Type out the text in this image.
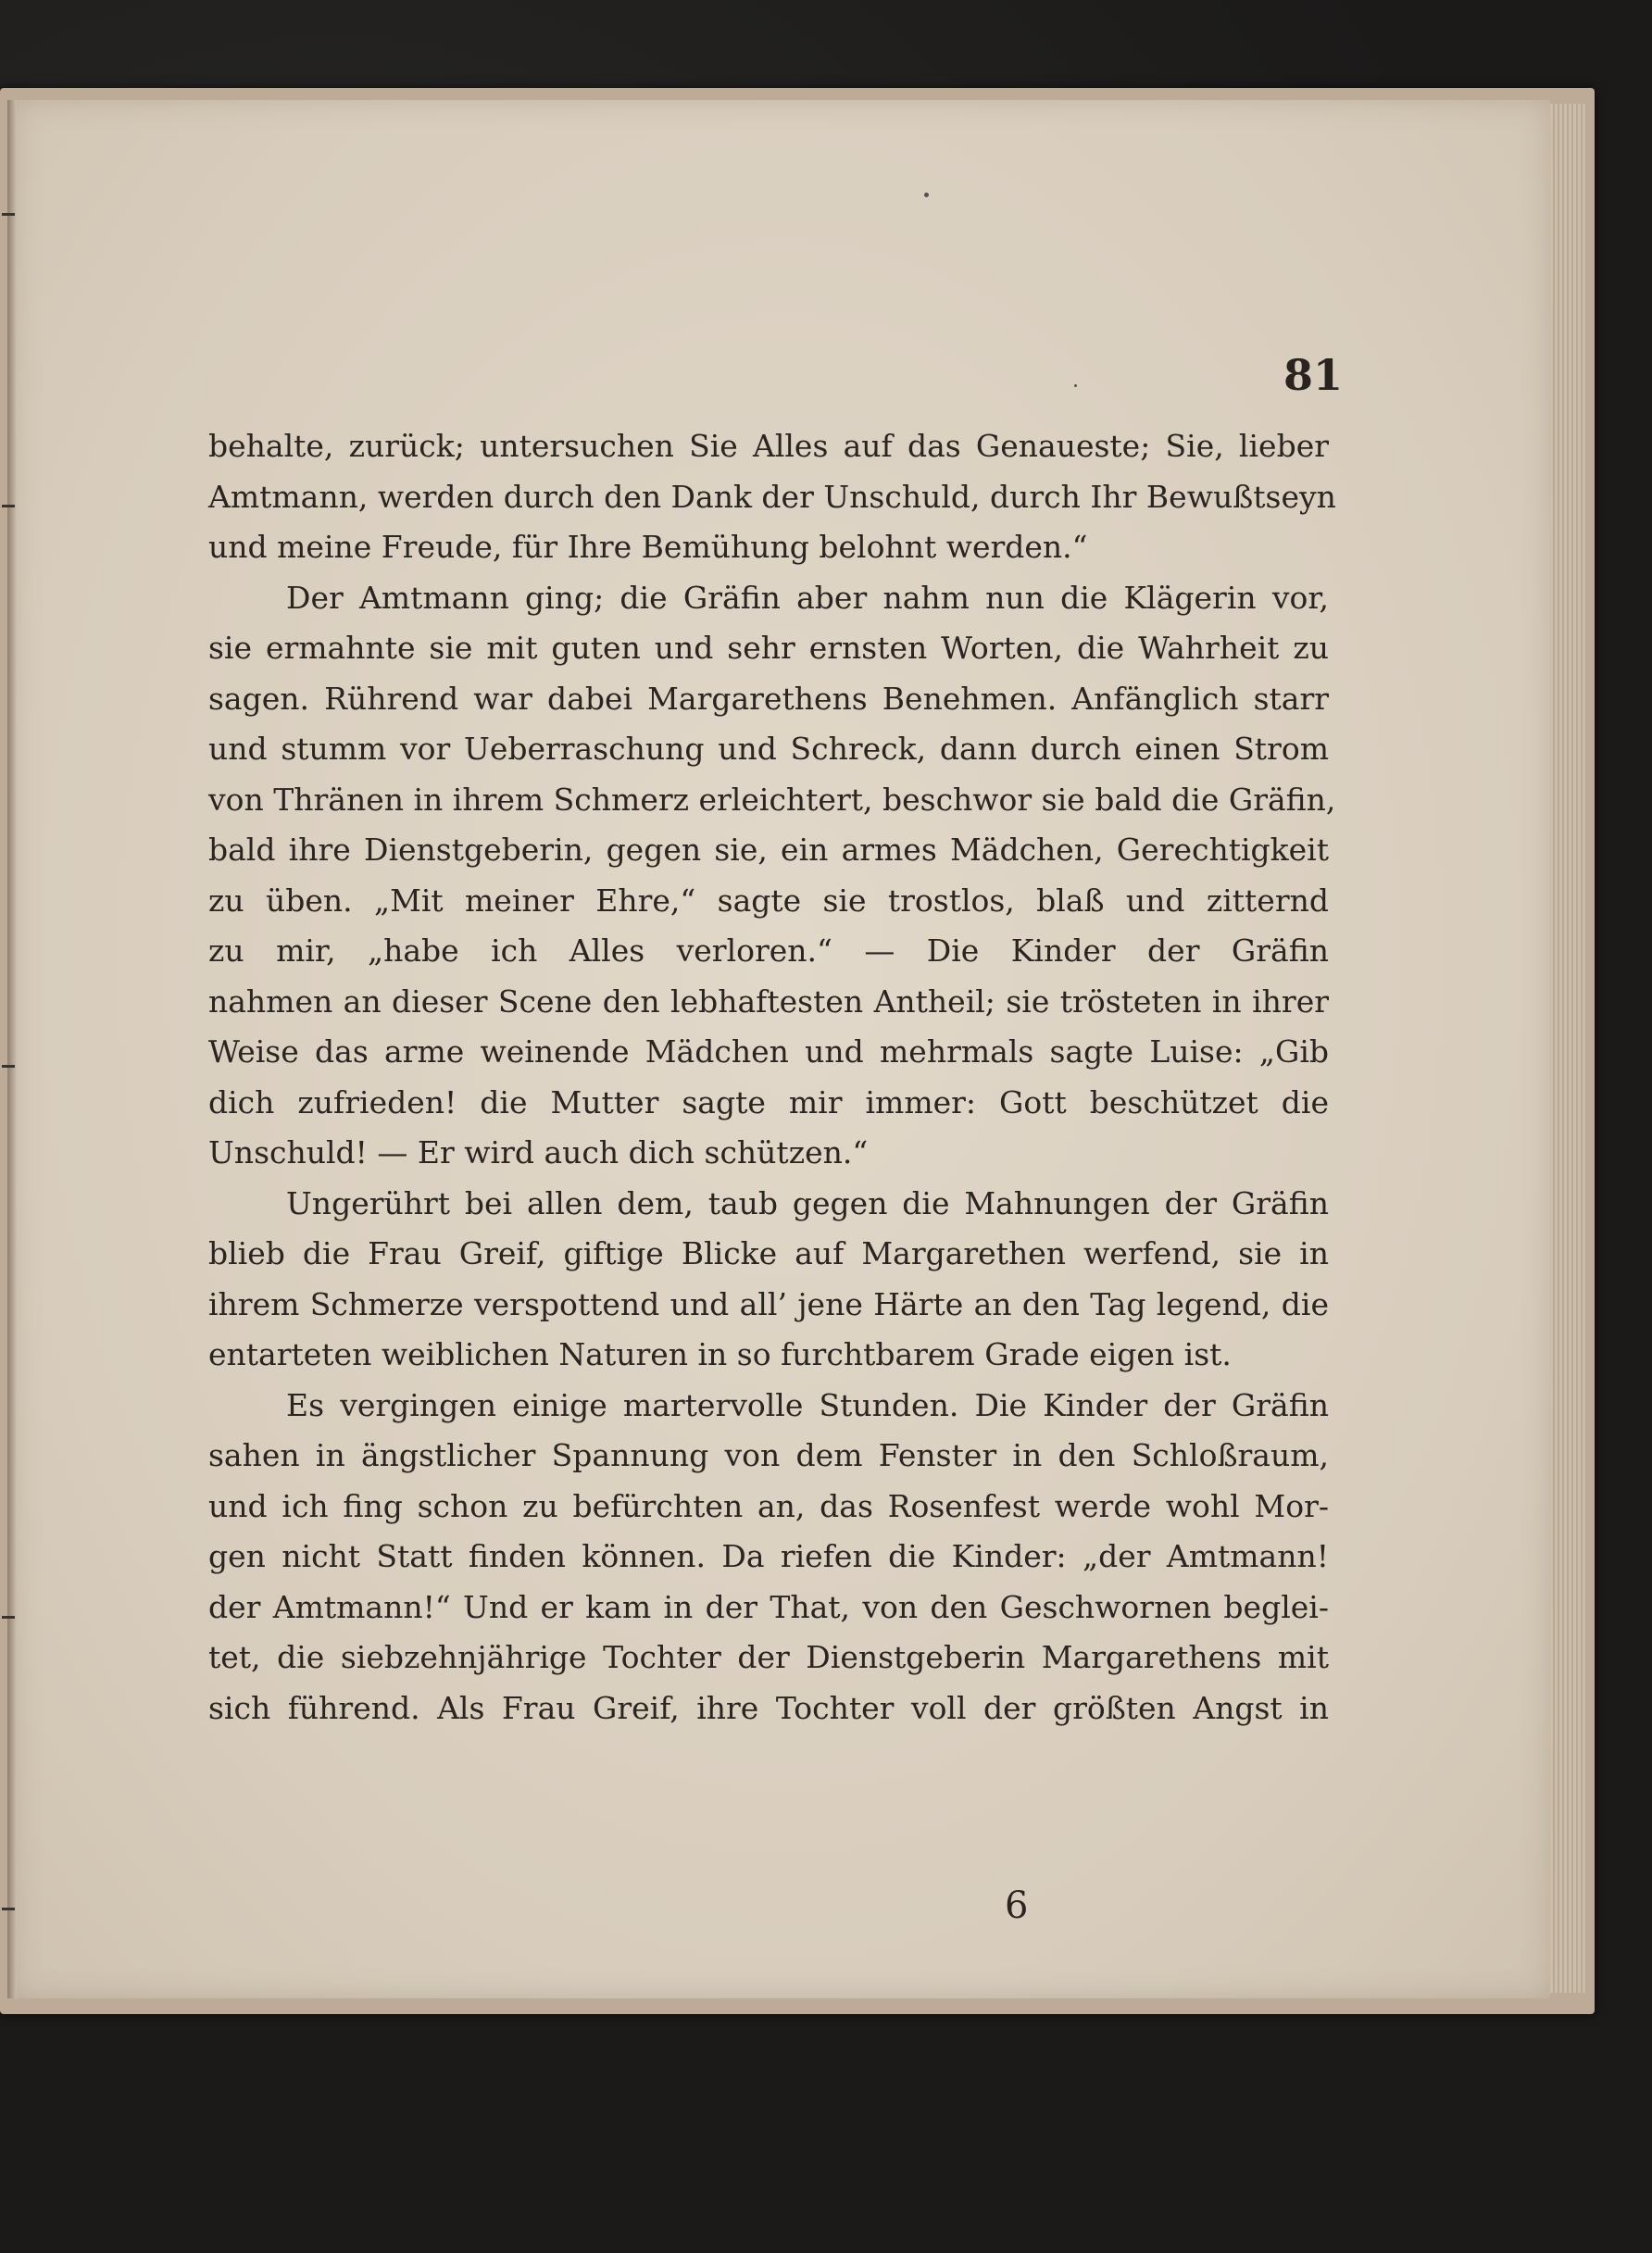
81
behalte, zurück; untersuchen Sie Alles auf das Genaueste; Sie, lieber
Amtmann, werden durch den Dank der Unschuld, durch Ihr Bewußtseyn
und meine Freude, für Ihre Bemühung belohnt werden.“
Der Amtmann ging; die Gräfin aber nahm nun die Klägerin vor,
sie ermahnte sie mit guten und sehr ernsten Worten, die Wahrheit zu
sagen. Rührend war dabei Margarethens Benehmen. Anfänglich starr
und stumm vor Ueberraschung und Schreck, dann durch einen Strom
von Thränen in ihrem Schmerz erleichtert, beschwor sie bald die Gräfin,
bald ihre Dienstgeberin, gegen sie, ein armes Mädchen, Gerechtigkeit
zu üben. „Mit meiner Ehre,“ sagte sie trostlos, blaß und zitternd
zu mir, „habe ich Alles verloren.“ — Die Kinder der Gräfin
nahmen an dieser Scene den lebhaftesten Antheil; sie trösteten in ihrer
Weise das arme weinende Mädchen und mehrmals sagte Luise: „Gib
dich zufrieden! die Mutter sagte mir immer: Gott beschützet die
Unschuld! — Er wird auch dich schützen.“
Ungerührt bei allen dem, taub gegen die Mahnungen der Gräfin
blieb die Frau Greif, giftige Blicke auf Margarethen werfend, sie in
ihrem Schmerze verspottend und all’ jene Härte an den Tag legend, die
entarteten weiblichen Naturen in so furchtbarem Grade eigen ist.
Es vergingen einige martervolle Stunden. Die Kinder der Gräfin
sahen in ängstlicher Spannung von dem Fenster in den Schloßraum,
und ich fing schon zu befürchten an, das Rosenfest werde wohl Mor-
gen nicht Statt finden können. Da riefen die Kinder: „der Amtmann!
der Amtmann!“ Und er kam in der That, von den Geschwornen beglei-
tet, die siebzehnjährige Tochter der Dienstgeberin Margarethens mit
sich führend. Als Frau Greif, ihre Tochter voll der größten Angst in
6
